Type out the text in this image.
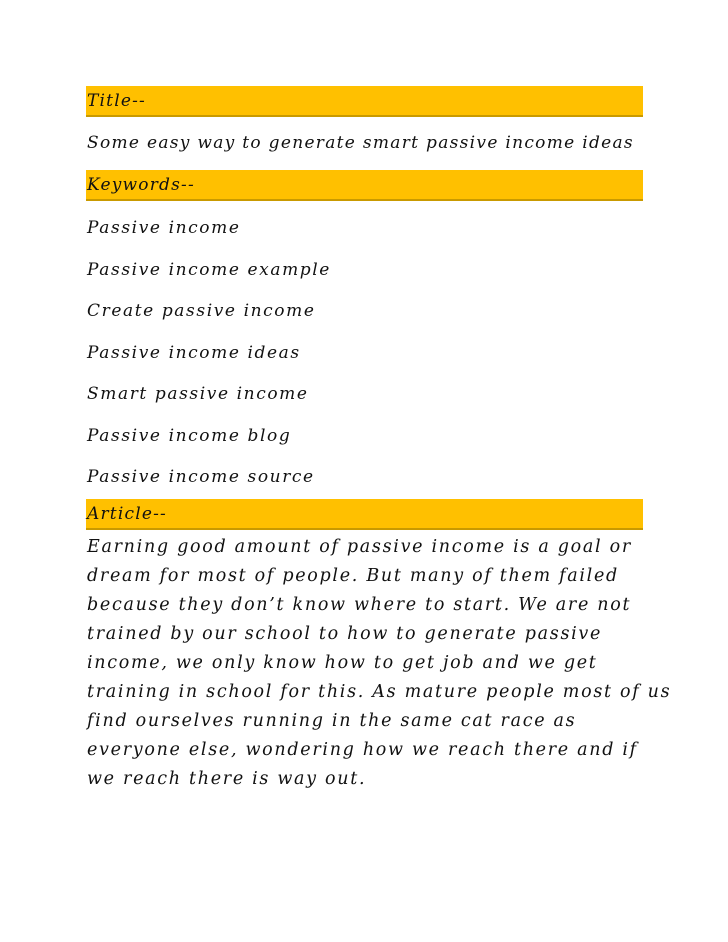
Title--
Some easy way to generate smart passive income ideas
Keywords--
Passive income
Passive income example
Create passive income
Passive income ideas
Smart passive income
Passive income blog
Passive income source
Article--
Earning good amount of passive income is a goal or
dream for most of people. But many of them failed
because they don’t know where to start. We are not
trained by our school to how to generate passive
income, we only know how to get job and we get
training in school for this. As mature people most of us
find ourselves running in the same cat race as
everyone else, wondering how we reach there and if
we reach there is way out.
